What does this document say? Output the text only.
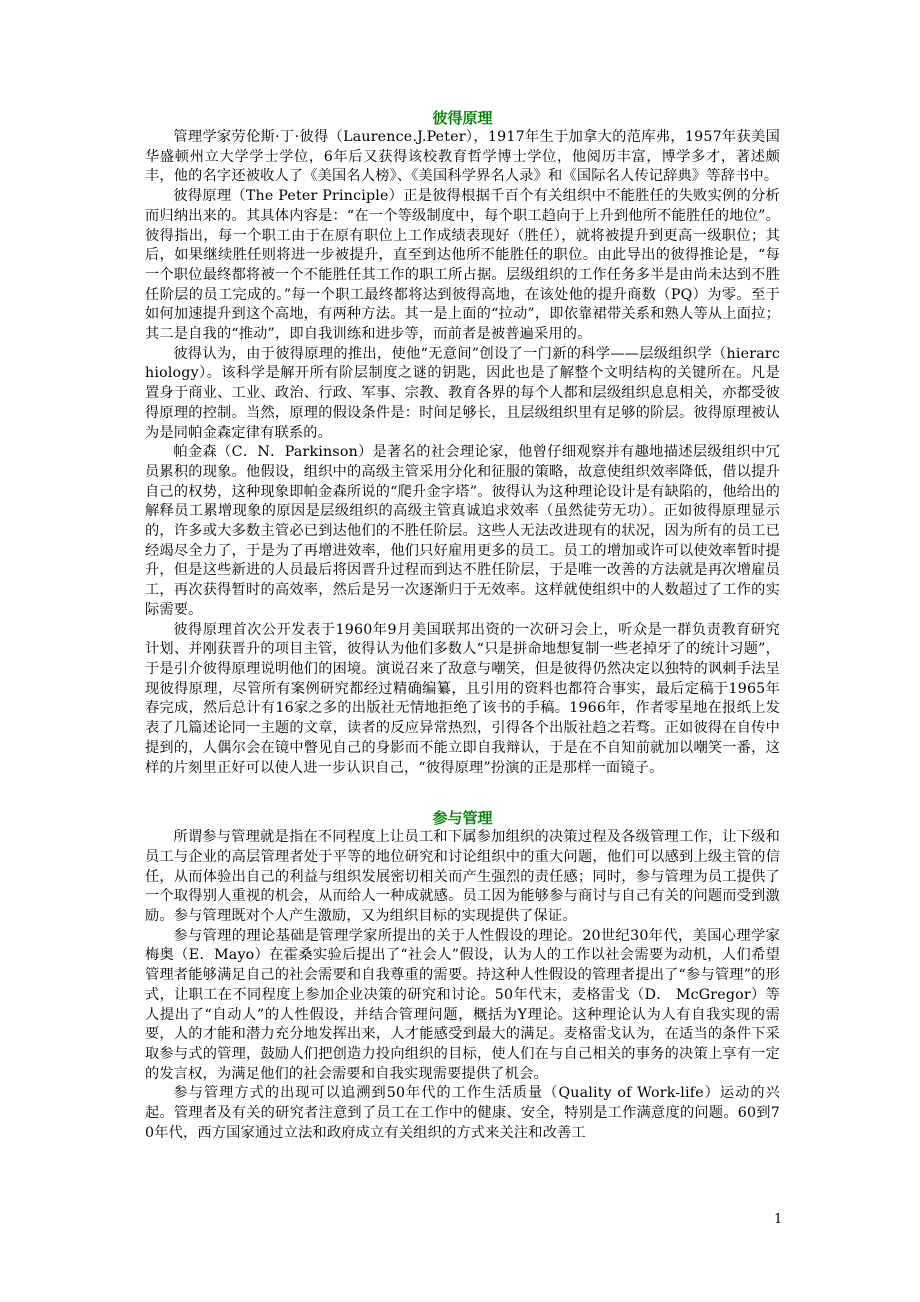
彼得原理

管理学家劳伦斯·丁·彼得（Laurence.J.Peter），1917年生于加拿大的范库弗，1957年获美国华盛顿州立大学学士学位，6年后又获得该校教育哲学博士学位，他阅历丰富，博学多才，著述颇丰，他的名字还被收人了《美国名人榜》、《美国科学界名人录》和《国际名人传记辞典》等辞书中。

彼得原理（The Peter Principle）正是彼得根据千百个有关组织中不能胜任的失败实例的分析而归纳出来的。其具体内容是：“在一个等级制度中，每个职工趋向于上升到他所不能胜任的地位”。彼得指出，每一个职工由于在原有职位上工作成绩表现好（胜任），就将被提升到更高一级职位；其后，如果继续胜任则将进一步被提升，直至到达他所不能胜任的职位。由此导出的彼得推论是，“每一个职位最终都将被一个不能胜任其工作的职工所占据。层级组织的工作任务多半是由尚未达到不胜任阶层的员工完成的。”每一个职工最终都将达到彼得高地，在该处他的提升商数（PQ）为零。至于如何加速提升到这个高地，有两种方法。其一是上面的“拉动”，即依靠裙带关系和熟人等从上面拉；其二是自我的“推动”，即自我训练和进步等，而前者是被普遍采用的。

彼得认为，由于彼得原理的推出，使他“无意间”创设了一门新的科学——层级组织学（hierarchiology）。该科学是解开所有阶层制度之谜的钥匙，因此也是了解整个文明结构的关键所在。凡是置身于商业、工业、政治、行政、军事、宗教、教育各界的每个人都和层级组织息息相关，亦都受彼得原理的控制。当然，原理的假设条件是：时间足够长，且层级组织里有足够的阶层。彼得原理被认为是同帕金森定律有联系的。

帕金森（C．N．Parkinson）是著名的社会理论家，他曾仔细观察并有趣地描述层级组织中冗员累积的现象。他假设，组织中的高级主管采用分化和征服的策略，故意使组织效率降低，借以提升自己的权势，这种现象即帕金森所说的“爬升金字塔”。彼得认为这种理论设计是有缺陷的，他给出的解释员工累增现象的原因是层级组织的高级主管真诚追求效率（虽然徒劳无功）。正如彼得原理显示的，许多或大多数主管必已到达他们的不胜任阶层。这些人无法改进现有的状况，因为所有的员工已经竭尽全力了，于是为了再增进效率，他们只好雇用更多的员工。员工的增加或许可以使效率暂时提升，但是这些新进的人员最后将因晋升过程而到达不胜任阶层，于是唯一改善的方法就是再次增雇员工，再次获得暂时的高效率，然后是另一次逐渐归于无效率。这样就使组织中的人数超过了工作的实际需要。

彼得原理首次公开发表于1960年9月美国联邦出资的一次研习会上，听众是一群负责教育研究计划、并刚获晋升的项目主管，彼得认为他们多数人“只是拼命地想复制一些老掉牙了的统计习题”，于是引介彼得原理说明他们的困境。演说召来了敌意与嘲笑，但是彼得仍然决定以独特的讽刺手法呈现彼得原理，尽管所有案例研究都经过精确编纂，且引用的资料也都符合事实，最后定稿于1965年春完成，然后总计有16家之多的出版社无情地拒绝了该书的手稿。1966年，作者零星地在报纸上发表了几篇述论同一主题的文章，读者的反应异常热烈，引得各个出版社趋之若骛。正如彼得在自传中提到的，人偶尔会在镜中瞥见自己的身影而不能立即自我辩认，于是在不自知前就加以嘲笑一番，这样的片刻里正好可以使人进一步认识自己，“彼得原理”扮演的正是那样一面镜子。

参与管理

所谓参与管理就是指在不同程度上让员工和下属参加组织的决策过程及各级管理工作，让下级和员工与企业的高层管理者处于平等的地位研究和讨论组织中的重大问题，他们可以感到上级主管的信任，从而体验出自己的利益与组织发展密切相关而产生强烈的责任感；同时，参与管理为员工提供了一个取得别人重视的机会，从而给人一种成就感。员工因为能够参与商讨与自己有关的问题而受到激励。参与管理既对个人产生激励，又为组织目标的实现提供了保证。

参与管理的理论基础是管理学家所提出的关于人性假设的理论。20世纪30年代，美国心理学家梅奥（E．Mayo）在霍桑实验后提出了“社会人”假设，认为人的工作以社会需要为动机，人们希望管理者能够满足自己的社会需要和自我尊重的需要。持这种人性假设的管理者提出了“参与管理”的形式，让职工在不同程度上参加企业决策的研究和讨论。50年代末，麦格雷戈（D． McGregor）等人提出了“自动人”的人性假设，并结合管理问题，概括为Y理论。这种理论认为人有自我实现的需要，人的才能和潜力充分地发挥出来，人才能感受到最大的满足。麦格雷戈认为，在适当的条件下采取参与式的管理，鼓励人们把创造力投向组织的目标，使人们在与自己相关的事务的决策上享有一定的发言权，为满足他们的社会需要和自我实现需要提供了机会。

参与管理方式的出现可以追溯到50年代的工作生活质量（Quality of Work-life）运动的兴起。管理者及有关的研究者注意到了员工在工作中的健康、安全，特别是工作满意度的问题。60到70年代，西方国家通过立法和政府成立有关组织的方式来关注和改善工

1
